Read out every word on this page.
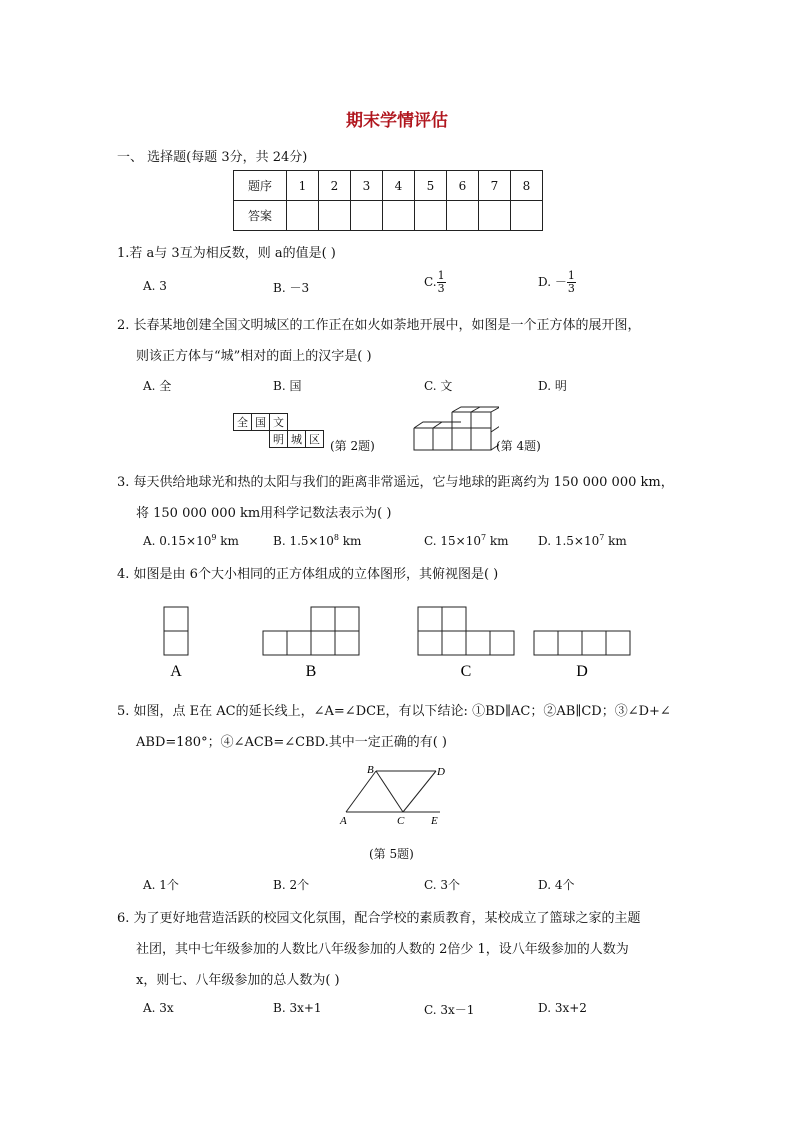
期末学情评估
一、 选择题(每题 3分，共 24分)
题序	1	2	3	4	5	6	7	8
答案								
1.若 a与 3互为相反数，则 a的值是( )
A. 3	B. －3	C. $\frac{1}{3}$	D. － $\frac{1}{3}$
2. 长春某地创建全国文明城区的工作正在如火如荼地开展中，如图是一个正方体的展开图，
则该正方体与“城”相对的面上的汉字是( )
A. 全	B. 国	C. 文	D. 明
全	国	文		
		明	城	区 (第 2题)	(第 4题)
3. 每天供给地球光和热的太阳与我们的距离非常遥远，它与地球的距离约为 150 000 000 km，
将 150 000 000 km用科学记数法表示为( )
A. $0.15\times 10^9$ km	B. $1.5\times 10^8$ km	C. $15\times 10^7$ km D. $1.5\times 10^7$ km
4. 如图是由 6个大小相同的正方体组成的立体图形，其俯视图是( )
A	B	C	D
5. 如图，点 E在 AC的延长线上，∠A=∠DCE，有以下结论: ①BD∥AC；②AB∥CD；③∠D+∠
ABD=180°；④∠ACB=∠CBD.其中一定正确的有( )
A
B
C
D
E
(第 5题)
A. 1个	B. 2个	C. 3个	D. 4个
6. 为了更好地营造活跃的校园文化氛围，配合学校的素质教育，某校成立了篮球之家的主题
社团，其中七年级参加的人数比八年级参加的人数的 2倍少 1，设八年级参加的人数为
x，则七、八年级参加的总人数为( )
A. 3x	B. 3x+1	C. 3x－1	D. 3x+2
